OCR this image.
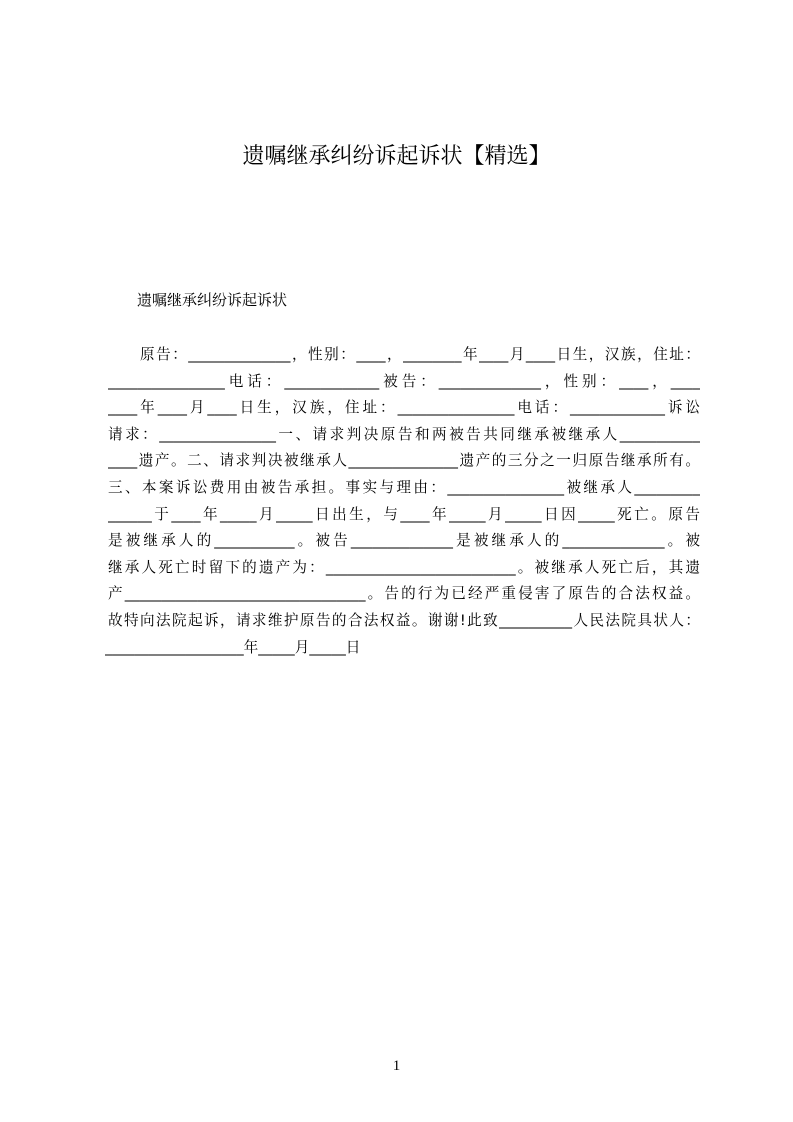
遗嘱继承纠纷诉起诉状【精选】
遗嘱继承纠纷诉起诉状
原告：______________，性别：____，________年____月____日生，汉族，住址：
________________电话：_____________被告：______________，性别：____，____
____年____月____日生，汉族，住址：________________电话：_____________诉讼
请求：________________一、请求判决原告和两被告共同继承被继承人___________
____遗产。二、请求判决被继承人_______________遗产的三分之一归原告继承所有。
三、本案诉讼费用由被告承担。事实与理由：________________被继承人_________
______于____年_____月_____日出生，与____年_____月_____日因_____死亡。原告
是被继承人的___________。被告______________是被继承人的______________。被
继承人死亡时留下的遗产为：__________________________。被继承人死亡后，其遗
产_________________________________。告的行为已经严重侵害了原告的合法权益。
故特向法院起诉，请求维护原告的合法权益。谢谢!此致__________人民法院具状人：
___________________年_____月_____日
1
